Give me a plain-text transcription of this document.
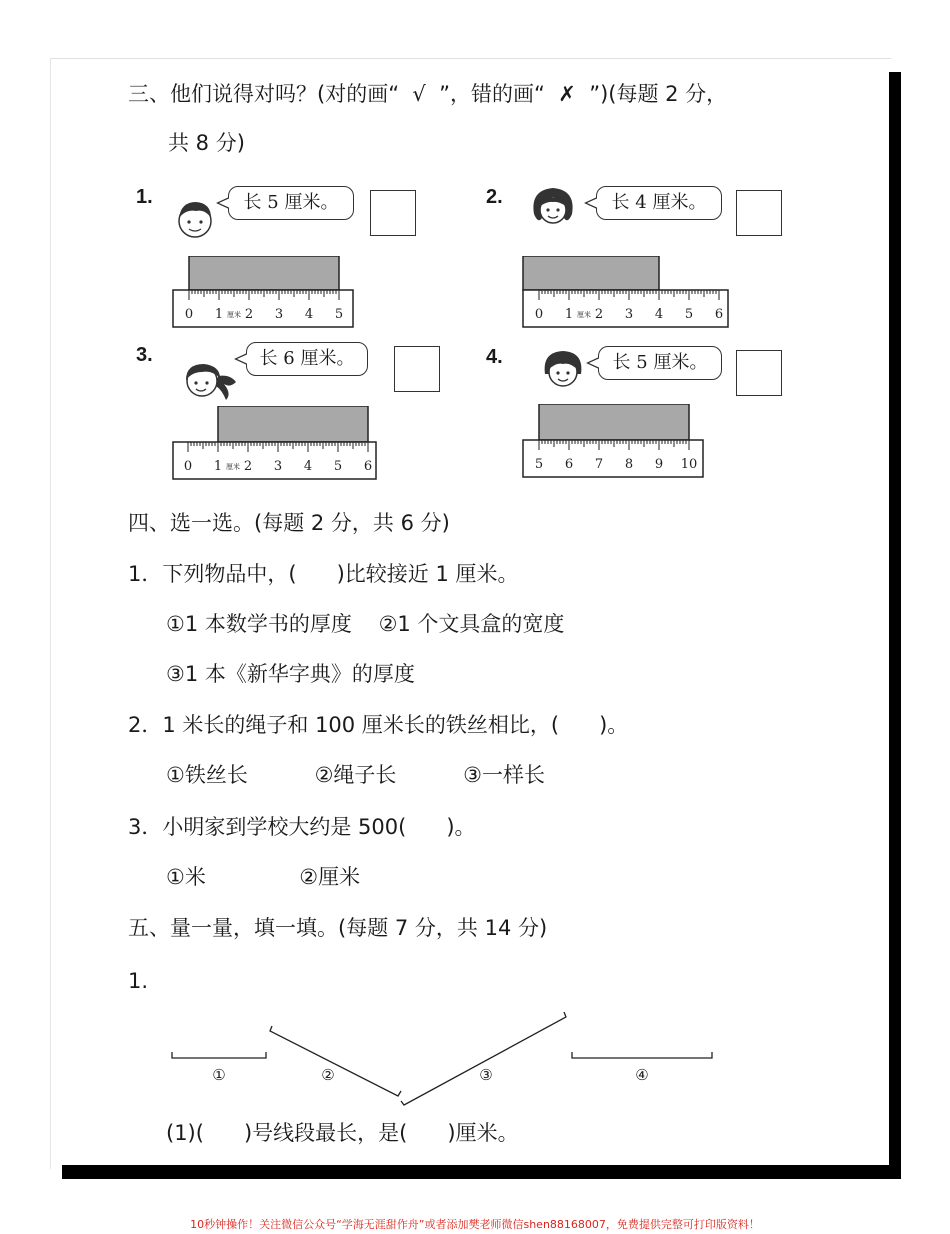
三、他们说得对吗？(对的画“  √  ”，错的画“  ✗  ”)(每题 2 分，
共 8 分)
1.	长 5 厘米。
0 1 2 3 4 5
厘米
2.	长 4 厘米。
0 1 2 3 4 5 6
厘米
3.	长 6 厘米。
0 1 2 3 4 5 6
厘米
4.	长 5 厘米。
5 6 7 8 9 10
四、选一选。(每题 2 分，共 6 分)
1．下列物品中，(      )比较接近 1 厘米。
①1 本数学书的厚度    ②1 个文具盒的宽度
③1 本《新华字典》的厚度
2．1 米长的绳子和 100 厘米长的铁丝相比，(      )。
①铁丝长          ②绳子长          ③一样长
3．小明家到学校大约是 500(      )。
①米              ②厘米
五、量一量，填一填。(每题 7 分，共 14 分)
1.
①	②	③	④
(1)(      )号线段最长，是(      )厘米。
10秒钟操作！关注微信公众号“学海无涯甜作舟”或者添加樊老师微信shen88168007，免费提供完整可打印版资料！
